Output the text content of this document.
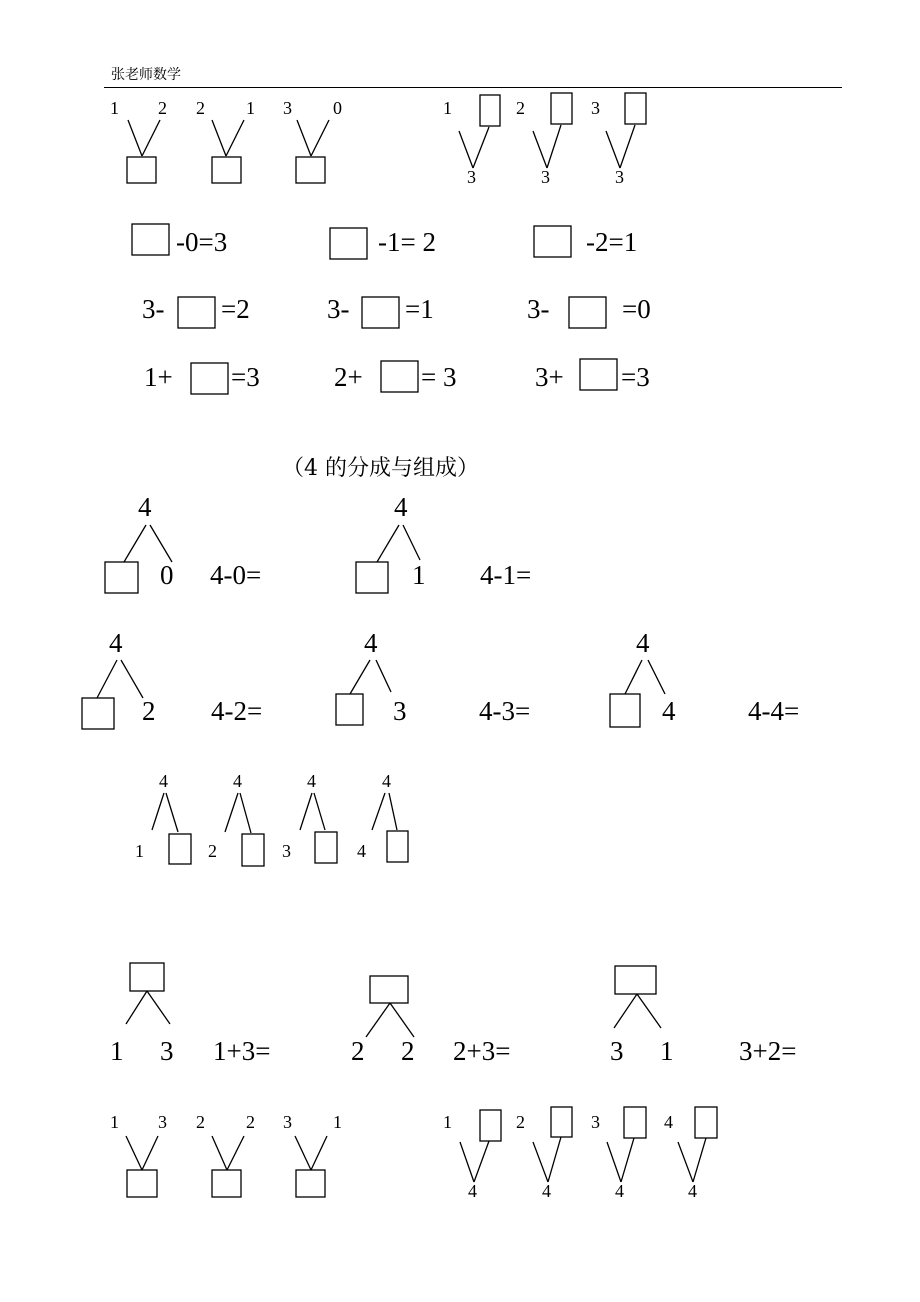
张老师数学
1 2 2 1 3 0	1
3
2
3
3
3
-0=3	-1= 2	-2=1
3- =2	3- =1	3-	=0
1+ =3	2+ = 3	3+ =3
（4 的分成与组成）
4
0 4-0=
4
1 4-1=
4
2 4-2=
4
3	4-3=
4
4	4-4=
4
1
4
2
4
3
4
4
1 3 1+3=	2 2 2+3=	3 1 3+2=
1 3 2 2 3 1	1
4
2
4
3
4
4
4
